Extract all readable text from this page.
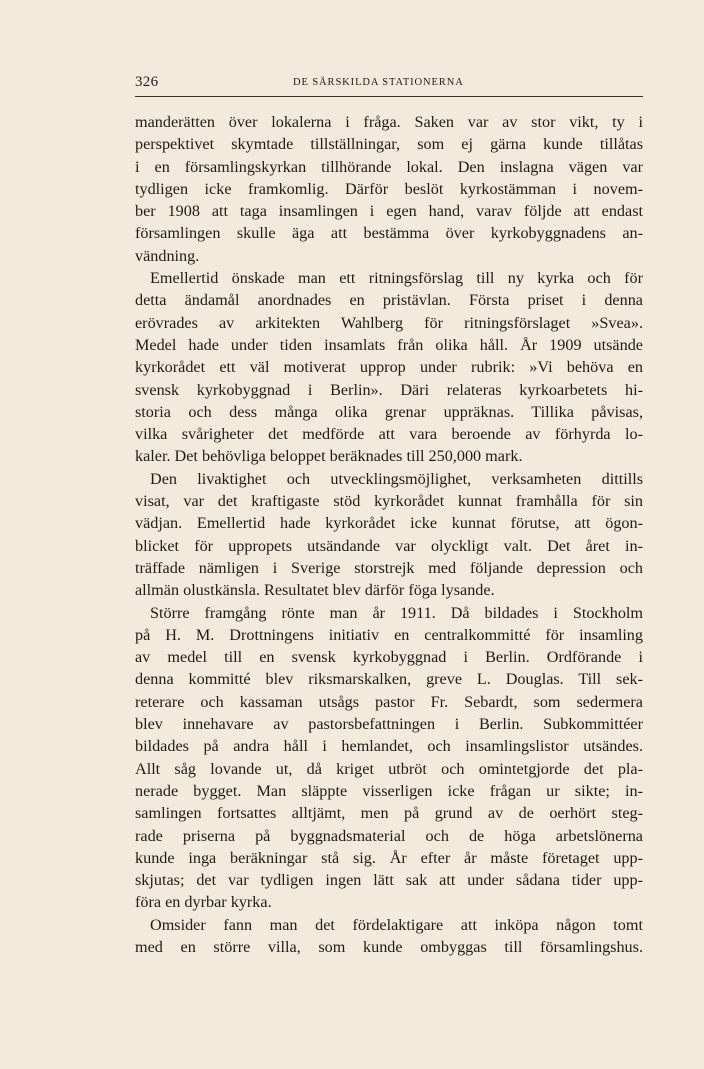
326	DE SÄRSKILDA STATIONERNA
manderätten över lokalerna i fråga. Saken var av stor vikt, ty i
perspektivet skymtade tillställningar, som ej gärna kunde tillåtas
i en församlingskyrkan tillhörande lokal. Den inslagna vägen var
tydligen icke framkomlig. Därför beslöt kyrkostämman i novem-
ber 1908 att taga insamlingen i egen hand, varav följde att endast
församlingen skulle äga att bestämma över kyrkobyggnadens an-
vändning.
Emellertid önskade man ett ritningsförslag till ny kyrka och för
detta ändamål anordnades en pristävlan. Första priset i denna
erövrades av arkitekten Wahlberg för ritningsförslaget »Svea».
Medel hade under tiden insamlats från olika håll. År 1909 utsände
kyrkorådet ett väl motiverat upprop under rubrik: »Vi behöva en
svensk kyrkobyggnad i Berlin». Däri relateras kyrkoarbetets hi-
storia och dess många olika grenar uppräknas. Tillika påvisas,
vilka svårigheter det medförde att vara beroende av förhyrda lo-
kaler. Det behövliga beloppet beräknades till 250,000 mark.
Den livaktighet och utvecklingsmöjlighet, verksamheten dittills
visat, var det kraftigaste stöd kyrkorådet kunnat framhålla för sin
vädjan. Emellertid hade kyrkorådet icke kunnat förutse, att ögon-
blicket för uppropets utsändande var olyckligt valt. Det året in-
träffade nämligen i Sverige storstrejk med följande depression och
allmän olustkänsla. Resultatet blev därför föga lysande.
Större framgång rönte man år 1911. Då bildades i Stockholm
på H. M. Drottningens initiativ en centralkommitté för insamling
av medel till en svensk kyrkobyggnad i Berlin. Ordförande i
denna kommitté blev riksmarskalken, greve L. Douglas. Till sek-
reterare och kassaman utsågs pastor Fr. Sebardt, som sedermera
blev innehavare av pastorsbefattningen i Berlin. Subkommittéer
bildades på andra håll i hemlandet, och insamlingslistor utsändes.
Allt såg lovande ut, då kriget utbröt och omintetgjorde det pla-
nerade bygget. Man släppte visserligen icke frågan ur sikte; in-
samlingen fortsattes alltjämt, men på grund av de oerhört steg-
rade priserna på byggnadsmaterial och de höga arbetslönerna
kunde inga beräkningar stå sig. År efter år måste företaget upp-
skjutas; det var tydligen ingen lätt sak att under sådana tider upp-
föra en dyrbar kyrka.
Omsider fann man det fördelaktigare att inköpa någon tomt
med en större villa, som kunde ombyggas till församlingshus.
